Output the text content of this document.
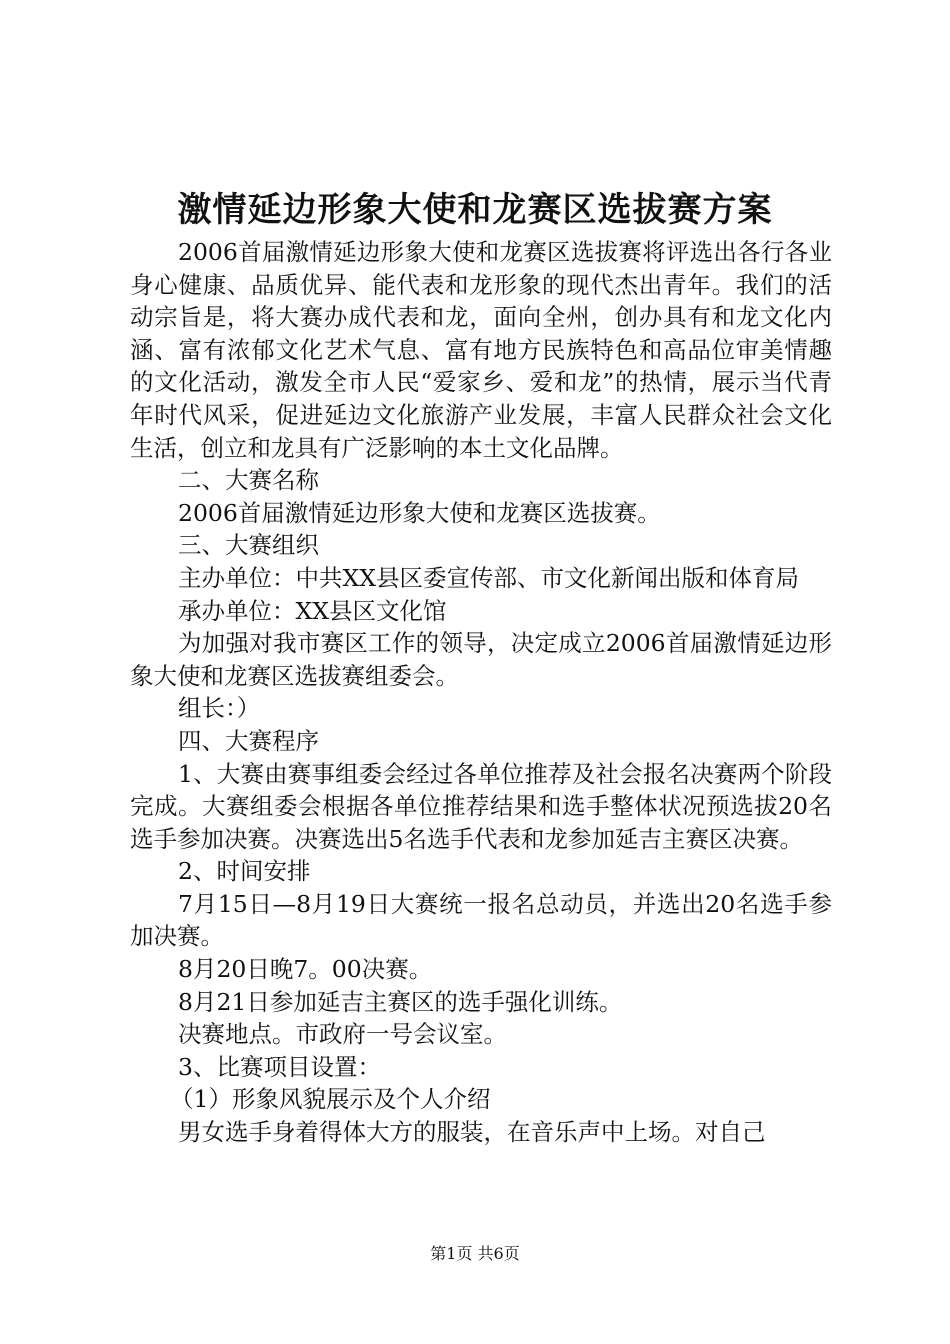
激情延边形象大使和龙赛区选拔赛方案

2006首届激情延边形象大使和龙赛区选拔赛将评选出各行各业身心健康、品质优异、能代表和龙形象的现代杰出青年。我们的活动宗旨是，将大赛办成代表和龙，面向全州，创办具有和龙文化内涵、富有浓郁文化艺术气息、富有地方民族特色和高品位审美情趣的文化活动，激发全市人民“爱家乡、爱和龙”的热情，展示当代青年时代风采，促进延边文化旅游产业发展，丰富人民群众社会文化生活，创立和龙具有广泛影响的本土文化品牌。

二、大赛名称

2006首届激情延边形象大使和龙赛区选拔赛。

三、大赛组织

主办单位：中共XX县区委宣传部、市文化新闻出版和体育局

承办单位：XX县区文化馆

为加强对我市赛区工作的领导，决定成立2006首届激情延边形象大使和龙赛区选拔赛组委会。

组长：）

四、大赛程序

1、大赛由赛事组委会经过各单位推荐及社会报名决赛两个阶段完成。大赛组委会根据各单位推荐结果和选手整体状况预选拔20名选手参加决赛。决赛选出5名选手代表和龙参加延吉主赛区决赛。

2、时间安排

7月15日—8月19日大赛统一报名总动员，并选出20名选手参加决赛。

8月20日晚7。00决赛。

8月21日参加延吉主赛区的选手强化训练。

决赛地点。市政府一号会议室。

3、比赛项目设置：

（1）形象风貌展示及个人介绍

男女选手身着得体大方的服装，在音乐声中上场。对自己

第1页 共6页
